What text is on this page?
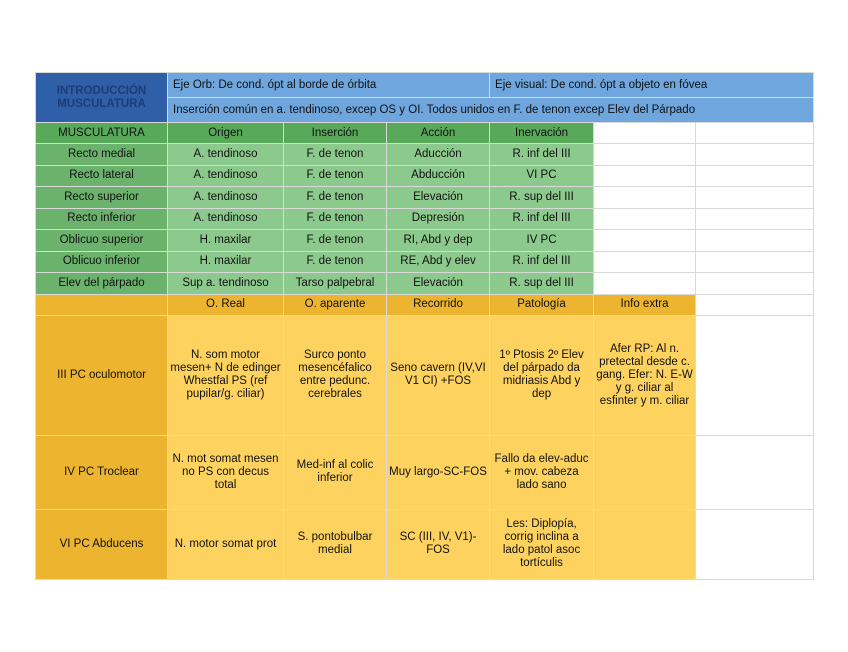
INTRODUCCIÓN
MUSCULATURA	Eje Orb: De cond. ópt al borde de órbita			Eje visual: De cond. ópt a objeto en fóvea		
	Inserción común en a. tendinoso, excep OS y OI. Todos unidos en F. de tenon excep Elev del Párpado					
MUSCULATURA	Origen	Inserción	Acción	Inervación		
Recto medial	A. tendinoso	F. de tenon	Aducción	R. inf del III		
Recto lateral	A. tendinoso	F. de tenon	Abducción	VI PC		
Recto superior	A. tendinoso	F. de tenon	Elevación	R. sup del III		
Recto inferior	A. tendinoso	F. de tenon	Depresión	R. inf del III		
Oblicuo superior	H. maxilar	F. de tenon	RI, Abd y dep	IV PC		
Oblicuo inferior	H. maxilar	F. de tenon	RE, Abd y elev	R. inf del III		
Elev del párpado	Sup a. tendinoso	Tarso palpebral	Elevación	R. sup del III		
	O. Real	O. aparente	Recorrido	Patología	Info extra	
III PC oculomotor	N. som motor mesen+ N de edinger Whestfal PS (ref pupilar/g. ciliar)	Surco ponto mesencéfalico entre pedunc. cerebrales	Seno cavern (IV,VI V1 CI) +FOS	1º Ptosis 2º Elev del párpado da midriasis Abd y dep	Afer RP: Al n. pretectal desde c. gang. Efer: N. E-W y g. ciliar al esfinter y m. ciliar	
IV PC Troclear	N. mot somat mesen no PS con decus total	Med-inf al colic inferior	Muy largo-SC-FOS	Fallo da elev-aduc + mov. cabeza lado sano		
VI PC Abducens	N. motor somat prot	S. pontobulbar medial	SC (III, IV, V1)-FOS	Les: Diplopía, corrig inclina a lado patol asoc tortículis		
